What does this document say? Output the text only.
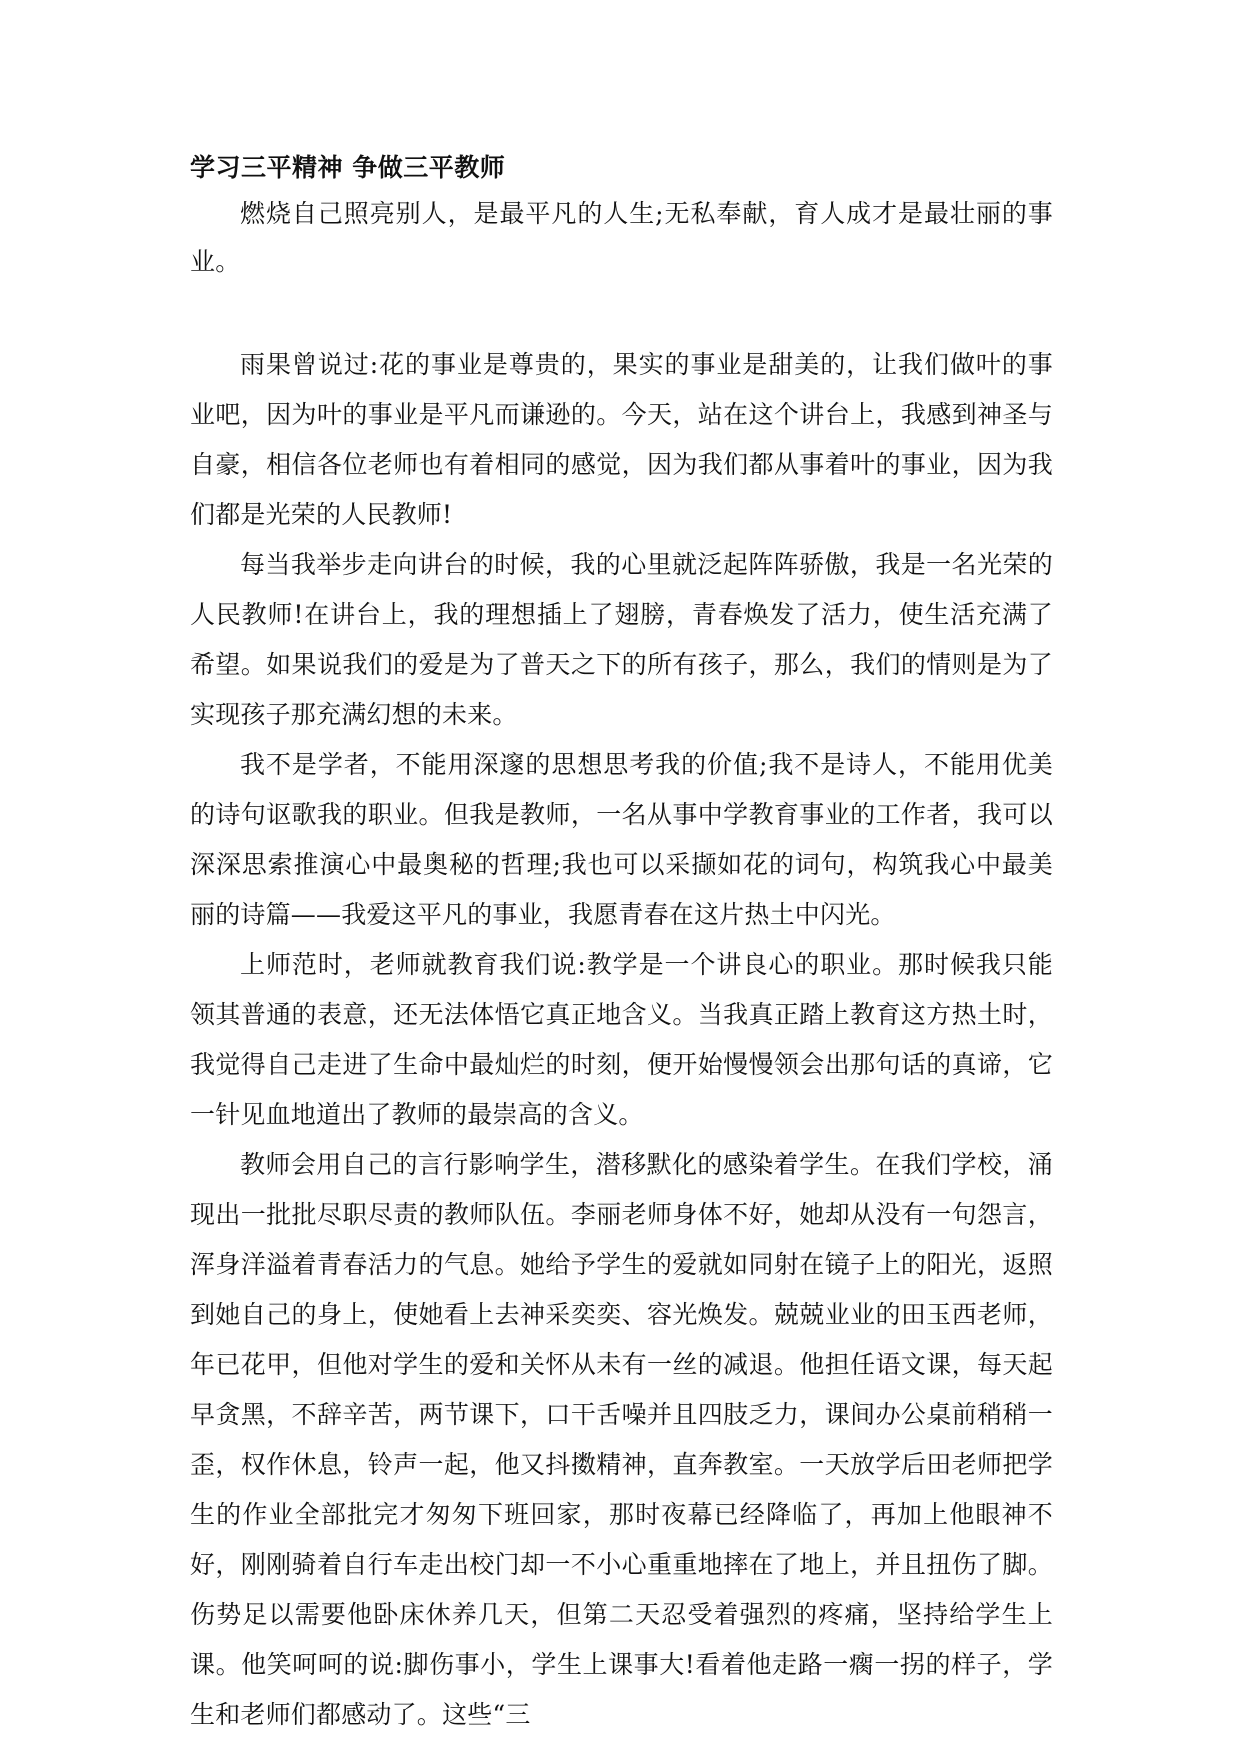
学习三平精神 争做三平教师

燃烧自己照亮别人，是最平凡的人生;无私奉献，育人成才是最壮丽的事业。

雨果曾说过:花的事业是尊贵的，果实的事业是甜美的，让我们做叶的事业吧，因为叶的事业是平凡而谦逊的。今天，站在这个讲台上，我感到神圣与自豪，相信各位老师也有着相同的感觉，因为我们都从事着叶的事业，因为我们都是光荣的人民教师!

每当我举步走向讲台的时候，我的心里就泛起阵阵骄傲，我是一名光荣的人民教师!在讲台上，我的理想插上了翅膀，青春焕发了活力，使生活充满了希望。如果说我们的爱是为了普天之下的所有孩子，那么，我们的情则是为了实现孩子那充满幻想的未来。

我不是学者，不能用深邃的思想思考我的价值;我不是诗人，不能用优美的诗句讴歌我的职业。但我是教师，一名从事中学教育事业的工作者，我可以深深思索推演心中最奥秘的哲理;我也可以采撷如花的词句，构筑我心中最美丽的诗篇——我爱这平凡的事业，我愿青春在这片热土中闪光。

上师范时，老师就教育我们说:教学是一个讲良心的职业。那时候我只能领其普通的表意，还无法体悟它真正地含义。当我真正踏上教育这方热土时，我觉得自己走进了生命中最灿烂的时刻，便开始慢慢领会出那句话的真谛，它一针见血地道出了教师的最崇高的含义。

教师会用自己的言行影响学生，潜移默化的感染着学生。在我们学校，涌现出一批批尽职尽责的教师队伍。李丽老师身体不好，她却从没有一句怨言，浑身洋溢着青春活力的气息。她给予学生的爱就如同射在镜子上的阳光，返照到她自己的身上，使她看上去神采奕奕、容光焕发。兢兢业业的田玉西老师，年已花甲，但他对学生的爱和关怀从未有一丝的减退。他担任语文课，每天起早贪黑，不辞辛苦，两节课下，口干舌噪并且四肢乏力，课间办公桌前稍稍一歪，权作休息，铃声一起，他又抖擞精神，直奔教室。一天放学后田老师把学生的作业全部批完才匆匆下班回家，那时夜幕已经降临了，再加上他眼神不好，刚刚骑着自行车走出校门却一不小心重重地摔在了地上，并且扭伤了脚。伤势足以需要他卧床休养几天，但第二天忍受着强烈的疼痛，坚持给学生上课。他笑呵呵的说:脚伤事小，学生上课事大!看着他走路一瘸一拐的样子，学生和老师们都感动了。这些“三
